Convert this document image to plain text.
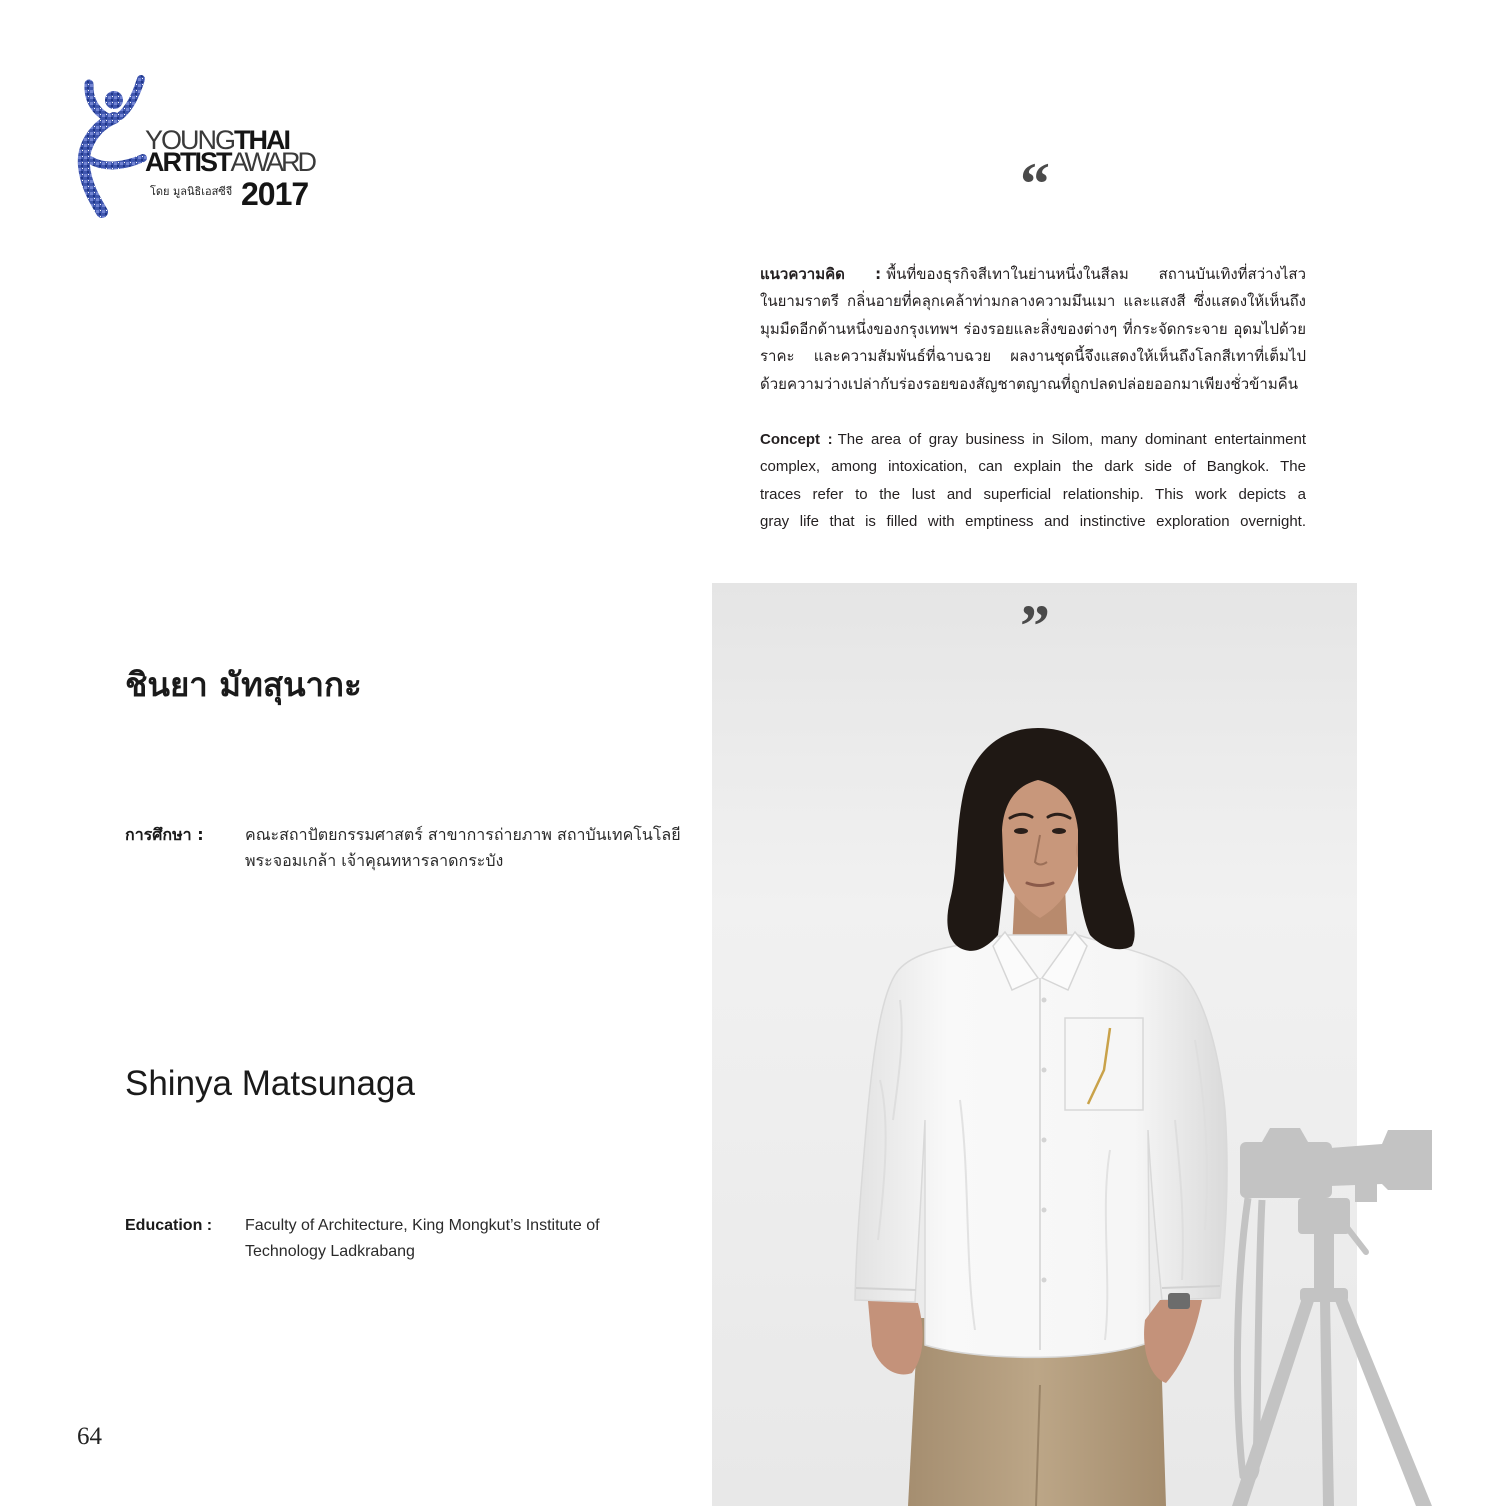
YOUNGTHAI
ARTISTAWARD
โดย มูลนิธิเอสซีจี 2017	“
”
แนวความคิด : พื้นที่ของธุรกิจสีเทาในย่านหนึ่งในสีลม สถานบันเทิงที่สว่างไสว
ในยามราตรี กลิ่นอายที่คลุกเคล้าท่ามกลางความมึนเมา และแสงสี ซึ่งแสดงให้เห็นถึง
มุมมืดอีกด้านหนึ่งของกรุงเทพฯ ร่องรอยและสิ่งของต่างๆ ที่กระจัดกระจาย อุดมไปด้วย
ราคะ และความสัมพันธ์ที่ฉาบฉวย ผลงานชุดนี้จึงแสดงให้เห็นถึงโลกสีเทาที่เต็มไป
ด้วยความว่างเปล่ากับร่องรอยของสัญชาตญาณที่ถูกปลดปล่อยออกมาเพียงชั่วข้ามคืน
Concept : The area of gray business in Silom, many dominant entertainment
complex, among intoxication, can explain the dark side of Bangkok. The
traces refer to the lust and superficial relationship. This work depicts a
gray life that is filled with emptiness and instinctive exploration overnight.
ชินยา มัทสุนากะ
การศึกษา :	คณะสถาปัตยกรรมศาสตร์ สาขาการถ่ายภาพ สถาบันเทคโนโลยี
พระจอมเกล้า เจ้าคุณทหารลาดกระบัง
Shinya Matsunaga
Education : Faculty of Architecture, King Mongkut’s Institute of
Technology Ladkrabang
64
